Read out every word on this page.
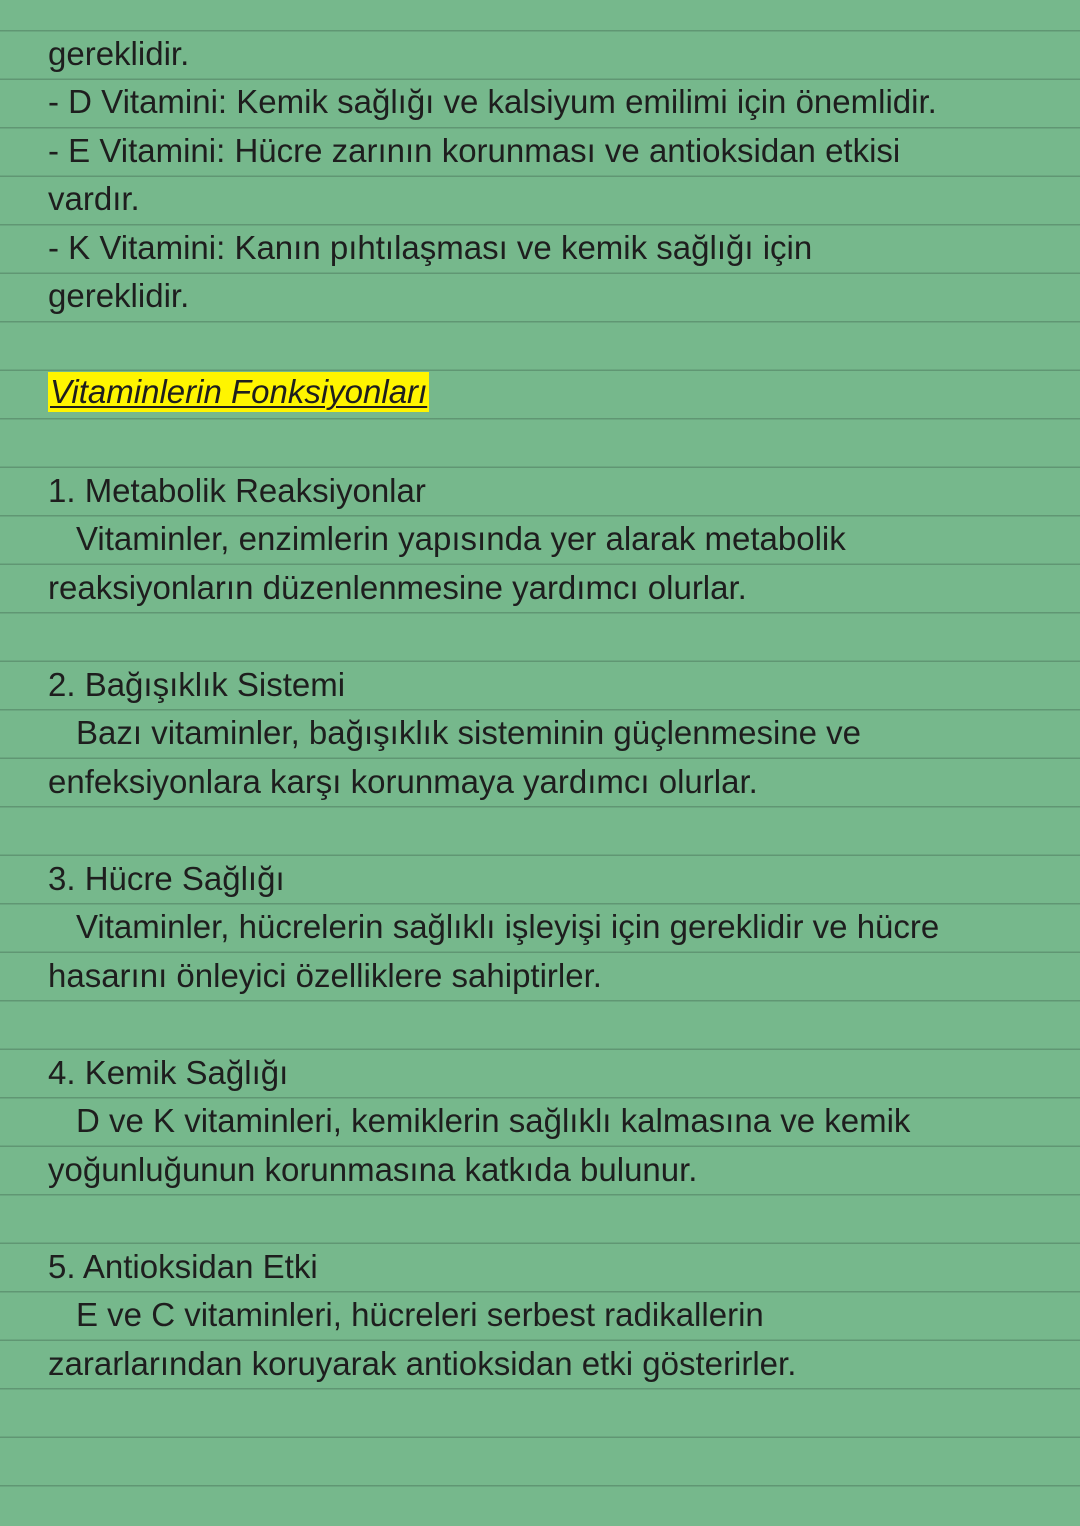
gereklidir.

- D Vitamini: Kemik sağlığı ve kalsiyum emilimi için önemlidir.

- E Vitamini: Hücre zarının korunması ve antioksidan etkisi

vardır.

- K Vitamini: Kanın pıhtılaşması ve kemik sağlığı için

gereklidir.

Vitaminlerin Fonksiyonları

1. Metabolik Reaksiyonlar

Vitaminler, enzimlerin yapısında yer alarak metabolik

reaksiyonların düzenlenmesine yardımcı olurlar.

2. Bağışıklık Sistemi

Bazı vitaminler, bağışıklık sisteminin güçlenmesine ve

enfeksiyonlara karşı korunmaya yardımcı olurlar.

3. Hücre Sağlığı

Vitaminler, hücrelerin sağlıklı işleyişi için gereklidir ve hücre

hasarını önleyici özelliklere sahiptirler.

4. Kemik Sağlığı

D ve K vitaminleri, kemiklerin sağlıklı kalmasına ve kemik

yoğunluğunun korunmasına katkıda bulunur.

5. Antioksidan Etki

E ve C vitaminleri, hücreleri serbest radikallerin

zararlarından koruyarak antioksidan etki gösterirler.
